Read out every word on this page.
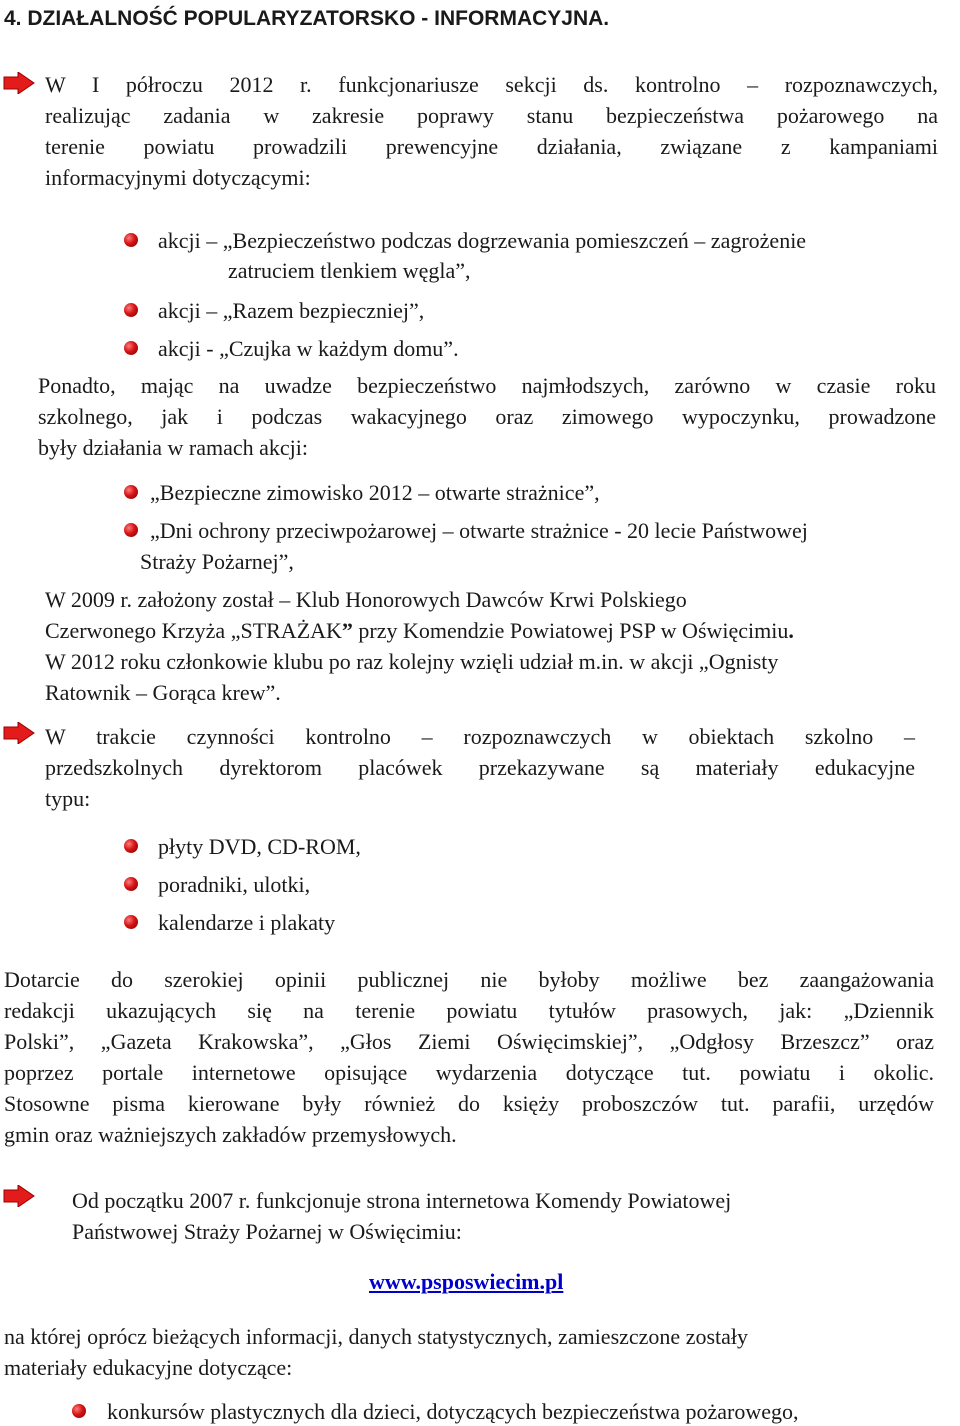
4. DZIAŁALNOŚĆ POPULARYZATORSKO - INFORMACYJNA.
W I półroczu 2012 r. funkcjonariusze sekcji ds. kontrolno – rozpoznawczych,
realizując zadania w zakresie poprawy stanu bezpieczeństwa pożarowego na
terenie powiatu prowadzili prewencyjne działania, związane z kampaniami
informacyjnymi dotyczącymi:
akcji – „Bezpieczeństwo podczas dogrzewania pomieszczeń – zagrożenie
zatruciem tlenkiem węgla”,
akcji – „Razem bezpieczniej”,
akcji - „Czujka w każdym domu”.
Ponadto, mając na uwadze bezpieczeństwo najmłodszych, zarówno w czasie roku
szkolnego, jak i podczas wakacyjnego oraz zimowego wypoczynku, prowadzone
były działania w ramach akcji:
„Bezpieczne zimowisko 2012 – otwarte strażnice”,
„Dni ochrony przeciwpożarowej – otwarte strażnice - 20 lecie Państwowej
Straży Pożarnej”,
W 2009 r. założony został – Klub Honorowych Dawców Krwi Polskiego
Czerwonego Krzyża „STRAŻAK” przy Komendzie Powiatowej PSP w Oświęcimiu.
W 2012 roku członkowie klubu po raz kolejny wzięli udział m.in. w akcji „Ognisty
Ratownik – Gorąca krew”.
W trakcie czynności kontrolno – rozpoznawczych w obiektach szkolno –
przedszkolnych dyrektorom placówek przekazywane są materiały edukacyjne
typu:
płyty DVD, CD-ROM,
poradniki, ulotki,
kalendarze i plakaty
Dotarcie do szerokiej opinii publicznej nie byłoby możliwe bez zaangażowania
redakcji ukazujących się na terenie powiatu tytułów prasowych, jak: „Dziennik
Polski”, „Gazeta Krakowska”, „Głos Ziemi Oświęcimskiej”, „Odgłosy Brzeszcz” oraz
poprzez portale internetowe opisujące wydarzenia dotyczące tut. powiatu i okolic.
Stosowne pisma kierowane były również do księży proboszczów tut. parafii, urzędów
gmin oraz ważniejszych zakładów przemysłowych.
Od początku 2007 r. funkcjonuje strona internetowa Komendy Powiatowej
Państwowej Straży Pożarnej w Oświęcimiu:
www.psposwiecim.pl
na której oprócz bieżących informacji, danych statystycznych, zamieszczone zostały
materiały edukacyjne dotyczące:
konkursów plastycznych dla dzieci, dotyczących bezpieczeństwa pożarowego,
